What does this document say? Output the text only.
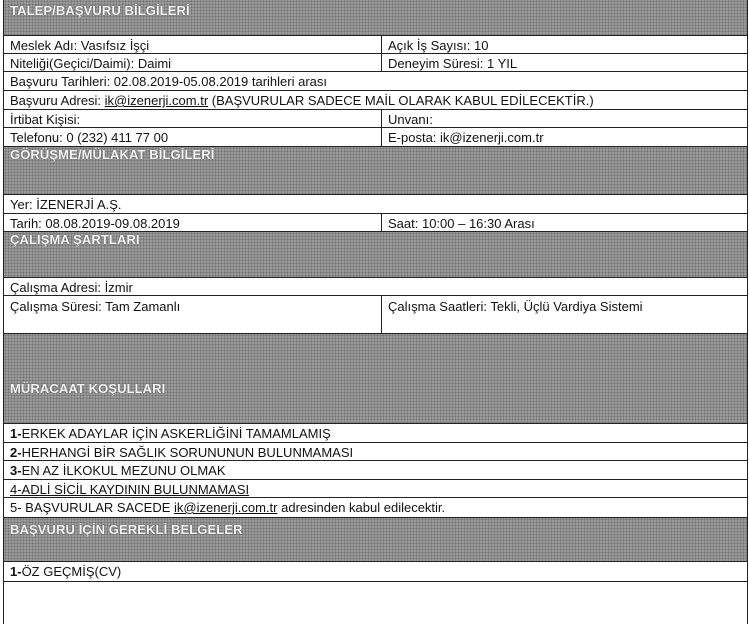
TALEP/BAŞVURU BİLGİLERİ
Meslek Adı: Vasıfsız İşçi	Açık İş Sayısı: 10
Niteliği(Geçici/Daimi): Daimi	Deneyim Süresi: 1 YIL
Başvuru Tarihleri: 02.08.2019-05.08.2019 tarihleri arası
Başvuru Adresi: ik@izenerji.com.tr (BAŞVURULAR SADECE MAİL OLARAK KABUL EDİLECEKTİR.)
İrtibat Kişisi:	Unvanı:
Telefonu: 0 (232) 411 77 00	E-posta: ik@izenerji.com.tr
GÖRÜŞME/MÜLAKAT BİLGİLERİ
Yer: İZENERJİ A.Ş.
Tarih: 08.08.2019-09.08.2019	Saat: 10:00 – 16:30 Arası
ÇALIŞMA ŞARTLARI
Çalışma Adresi: İzmir
Çalışma Süresi: Tam Zamanlı	Çalışma Saatleri: Tekli, Üçlü Vardiya Sistemi
MÜRACAAT KOŞULLARI
1-ERKEK ADAYLAR İÇİN ASKERLİĞİNİ TAMAMLAMIŞ
2-HERHANGİ BİR SAĞLIK SORUNUNUN BULUNMAMASI
3-EN AZ İLKOKUL MEZUNU OLMAK
4-ADLİ SİCİL KAYDININ BULUNMAMASI
5- BAŞVURULAR SACEDE ik@izenerji.com.tr adresinden kabul edilecektir.
BAŞVURU İÇİN GEREKLİ BELGELER
1-ÖZ GEÇMİŞ(CV)
